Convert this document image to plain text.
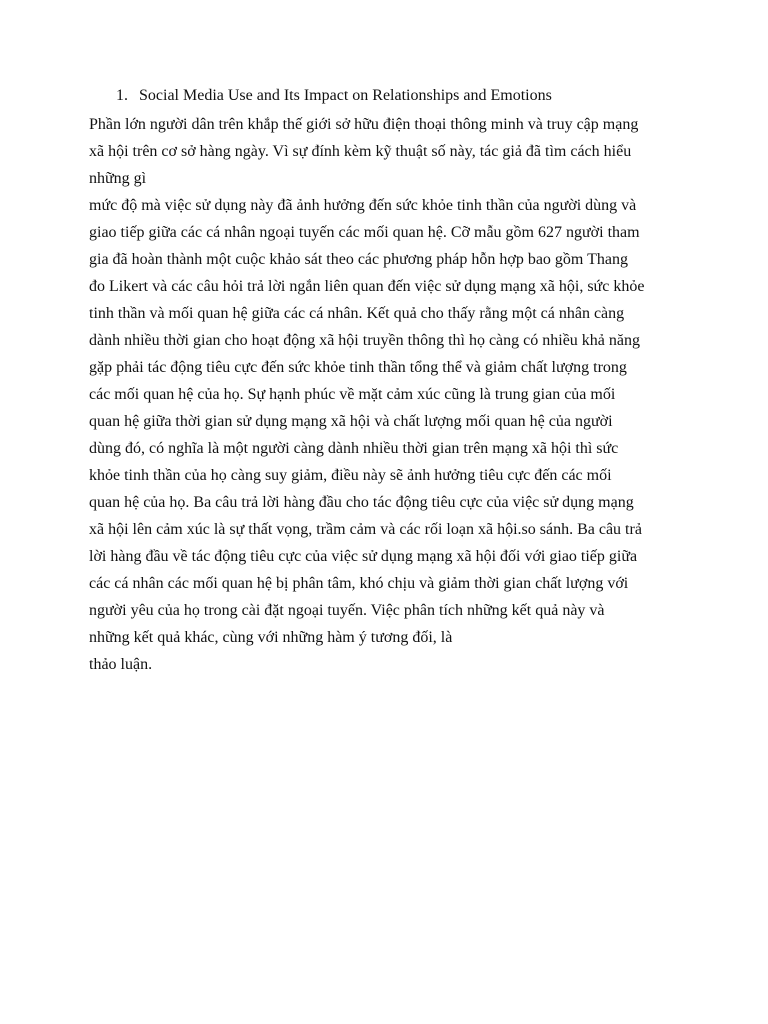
1. Social Media Use and Its Impact on Relationships and Emotions

Phần lớn người dân trên khắp thế giới sở hữu điện thoại thông minh và truy cập mạng
xã hội trên cơ sở hàng ngày. Vì sự đính kèm kỹ thuật số này, tác giả đã tìm cách hiểu
những gì

mức độ mà việc sử dụng này đã ảnh hưởng đến sức khỏe tinh thần của người dùng và
giao tiếp giữa các cá nhân ngoại tuyến các mối quan hệ. Cỡ mẫu gồm 627 người tham
gia đã hoàn thành một cuộc khảo sát theo các phương pháp hỗn hợp bao gồm Thang
đo Likert và các câu hỏi trả lời ngắn liên quan đến việc sử dụng mạng xã hội, sức khỏe
tinh thần và mối quan hệ giữa các cá nhân. Kết quả cho thấy rằng một cá nhân càng
dành nhiều thời gian cho hoạt động xã hội truyền thông thì họ càng có nhiều khả năng
gặp phải tác động tiêu cực đến sức khỏe tinh thần tổng thể và giảm chất lượng trong
các mối quan hệ của họ. Sự hạnh phúc về mặt cảm xúc cũng là trung gian của mối
quan hệ giữa thời gian sử dụng mạng xã hội và chất lượng mối quan hệ của người
dùng đó, có nghĩa là một người càng dành nhiều thời gian trên mạng xã hội thì sức
khỏe tinh thần của họ càng suy giảm, điều này sẽ ảnh hưởng tiêu cực đến các mối
quan hệ của họ. Ba câu trả lời hàng đầu cho tác động tiêu cực của việc sử dụng mạng
xã hội lên cảm xúc là sự thất vọng, trầm cảm và các rối loạn xã hội.so sánh. Ba câu trả
lời hàng đầu về tác động tiêu cực của việc sử dụng mạng xã hội đối với giao tiếp giữa
các cá nhân các mối quan hệ bị phân tâm, khó chịu và giảm thời gian chất lượng với
người yêu của họ trong cài đặt ngoại tuyến. Việc phân tích những kết quả này và
những kết quả khác, cùng với những hàm ý tương đối, là
thảo luận.
